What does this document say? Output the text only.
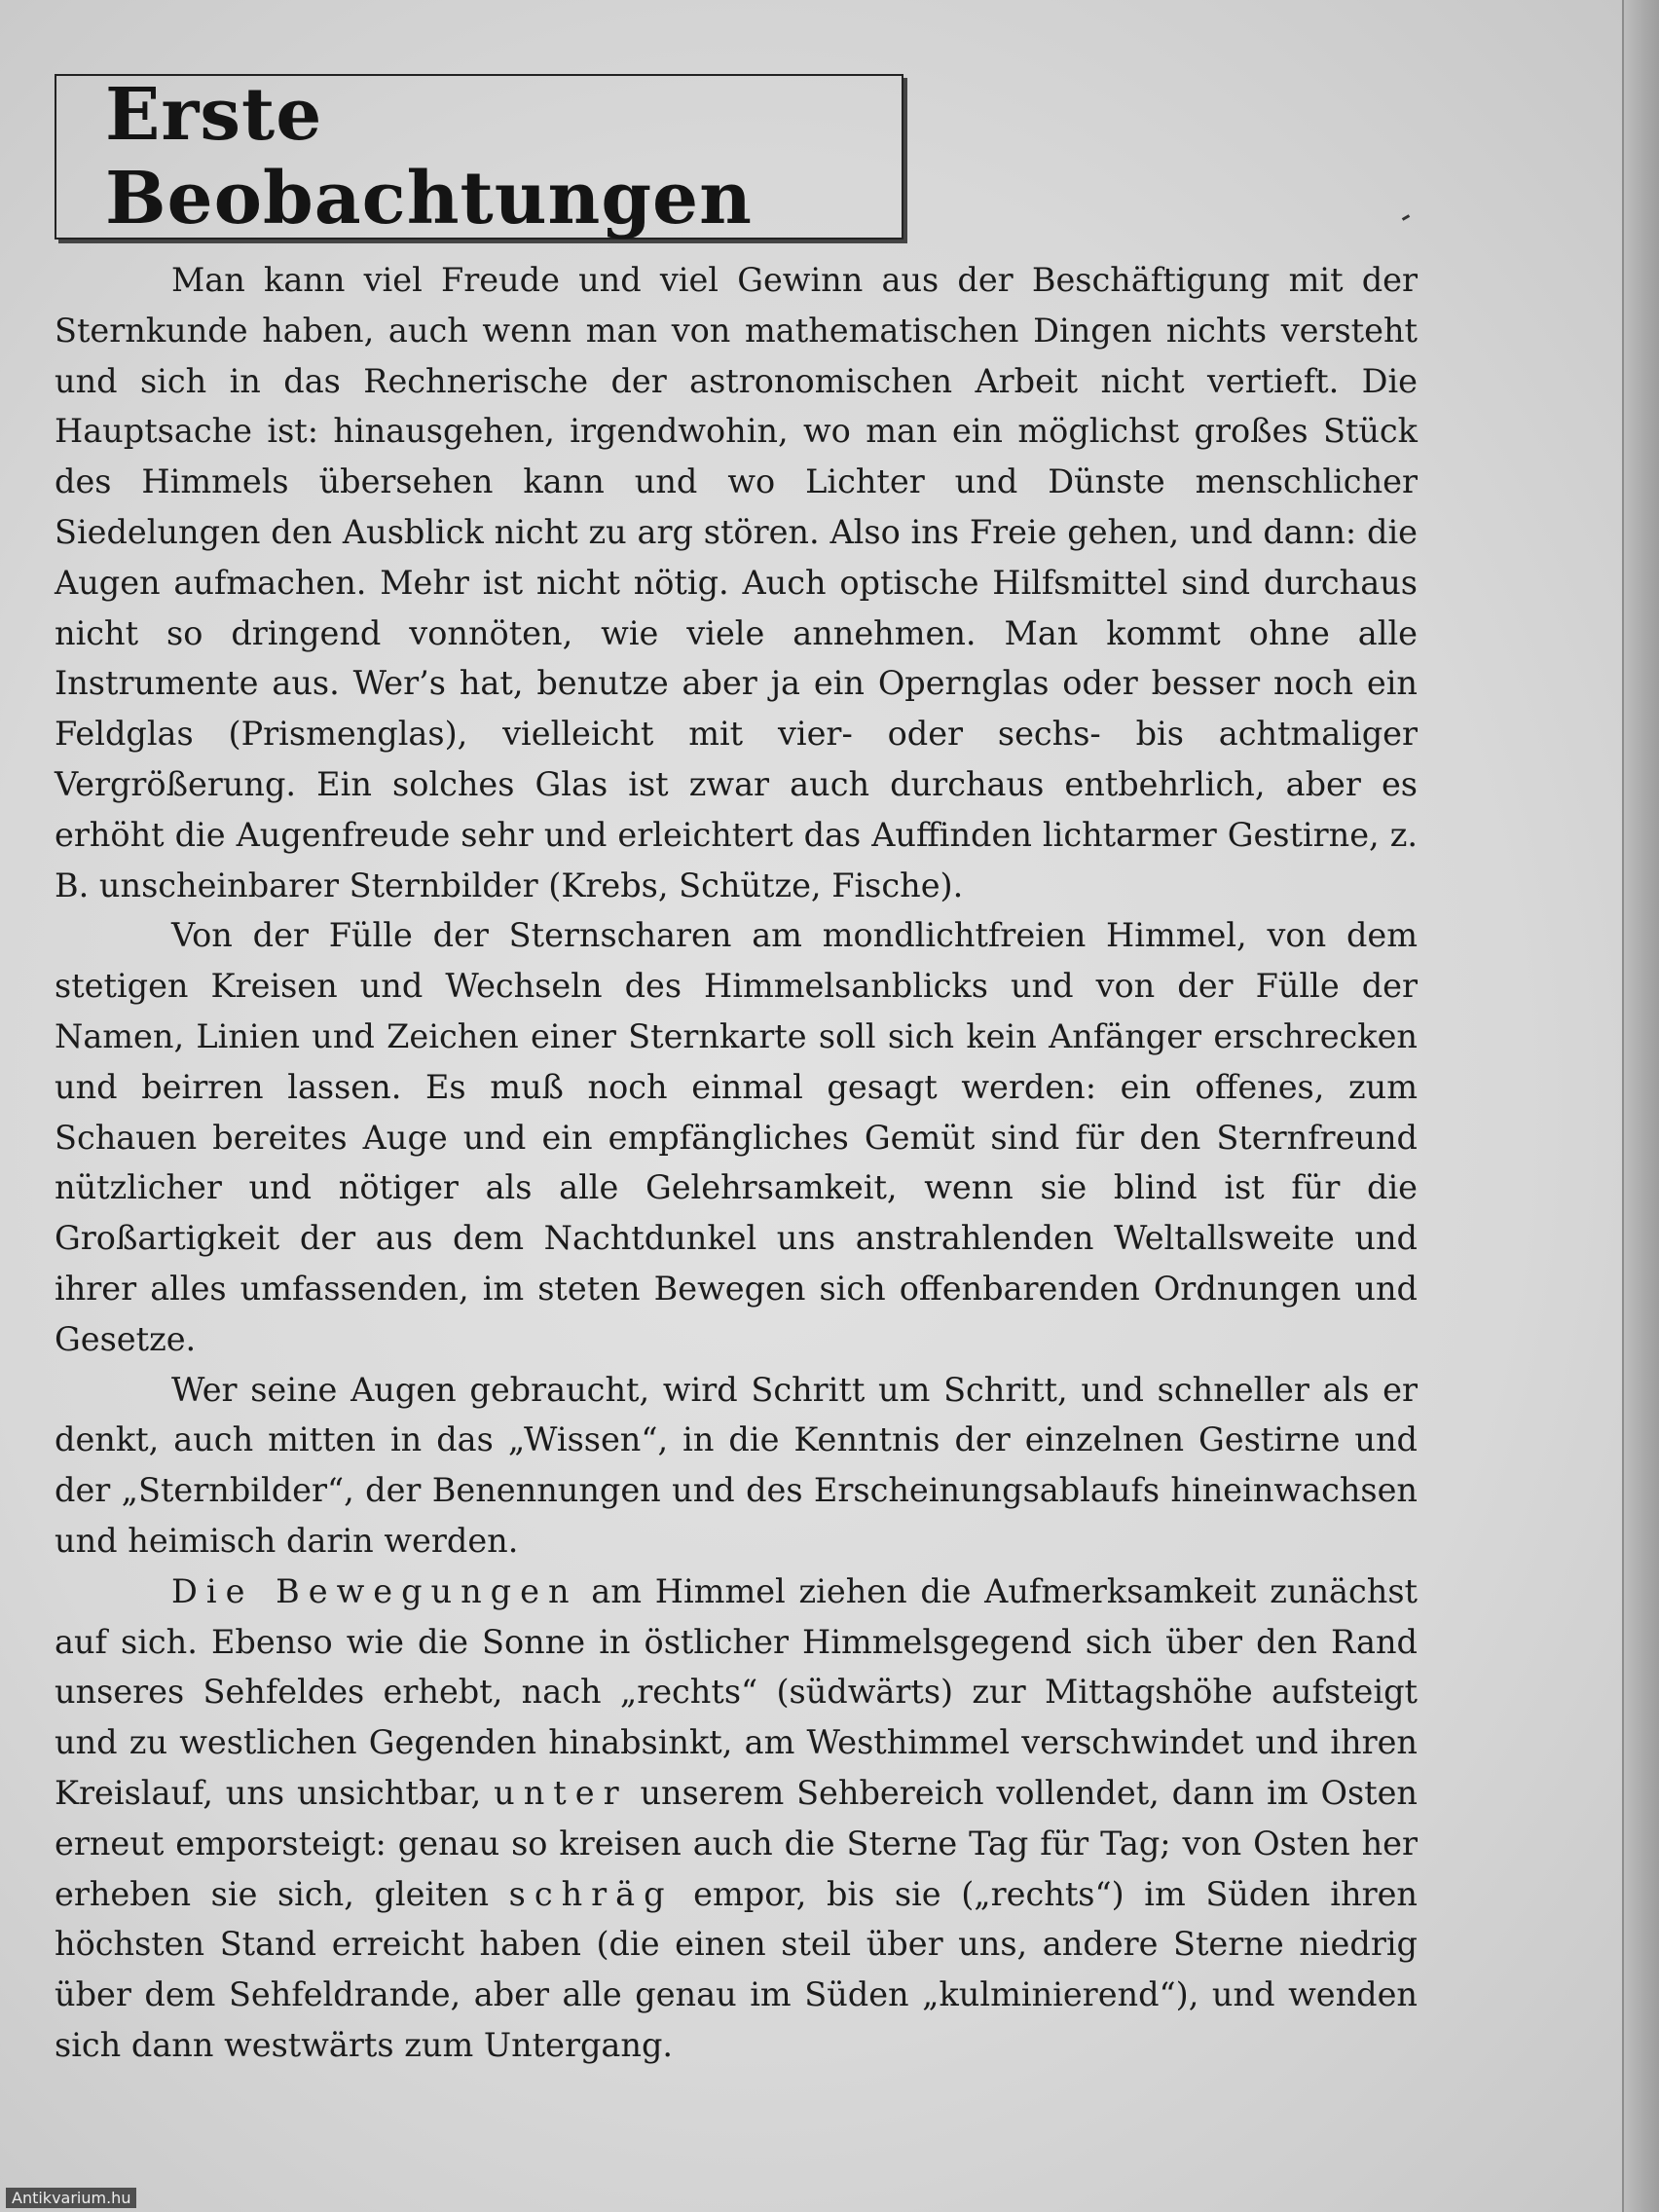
Erste Beobachtungen

Man kann viel Freude und viel Gewinn aus der Beschäftigung mit der Sternkunde haben, auch wenn man von mathematischen Dingen nichts versteht und sich in das Rechnerische der astronomischen Arbeit nicht vertieft. Die Hauptsache ist: hinausgehen, irgendwohin, wo man ein möglichst großes Stück des Himmels übersehen kann und wo Lichter und Dünste menschlicher Siedelungen den Ausblick nicht zu arg stören. Also ins Freie gehen, und dann: die Augen aufmachen. Mehr ist nicht nötig. Auch optische Hilfsmittel sind durchaus nicht so dringend vonnöten, wie viele annehmen. Man kommt ohne alle Instrumente aus. Wer’s hat, benutze aber ja ein Opernglas oder besser noch ein Feldglas (Prismenglas), vielleicht mit vier- oder sechs- bis achtmaliger Vergrößerung. Ein solches Glas ist zwar auch durchaus entbehrlich, aber es erhöht die Augenfreude sehr und erleichtert das Auffinden lichtarmer Gestirne, z. B. unscheinbarer Sternbilder (Krebs, Schütze, Fische).

Von der Fülle der Sternscharen am mondlichtfreien Himmel, von dem stetigen Kreisen und Wechseln des Himmelsanblicks und von der Fülle der Namen, Linien und Zeichen einer Sternkarte soll sich kein Anfänger erschrecken und beirren lassen. Es muß noch einmal gesagt werden: ein offenes, zum Schauen bereites Auge und ein empfängliches Gemüt sind für den Sternfreund nützlicher und nötiger als alle Gelehrsamkeit, wenn sie blind ist für die Großartigkeit der aus dem Nachtdunkel uns anstrahlenden Weltallsweite und ihrer alles umfassenden, im steten Bewegen sich offenbarenden Ordnungen und Gesetze.

Wer seine Augen gebraucht, wird Schritt um Schritt, und schneller als er denkt, auch mitten in das „Wissen“, in die Kenntnis der einzelnen Gestirne und der „Sternbilder“, der Benennungen und des Erscheinungsablaufs hineinwachsen und heimisch darin werden.

Die Bewegungen am Himmel ziehen die Aufmerksamkeit zunächst auf sich. Ebenso wie die Sonne in östlicher Himmelsgegend sich über den Rand unseres Sehfeldes erhebt, nach „rechts“ (südwärts) zur Mittagshöhe aufsteigt und zu westlichen Gegenden hinabsinkt, am Westhimmel verschwindet und ihren Kreislauf, uns unsichtbar, unter unserem Sehbereich vollendet, dann im Osten erneut emporsteigt: genau so kreisen auch die Sterne Tag für Tag; von Osten her erheben sie sich, gleiten schräg empor, bis sie („rechts“) im Süden ihren höchsten Stand erreicht haben (die einen steil über uns, andere Sterne niedrig über dem Sehfeldrande, aber alle genau im Süden „kulminierend“), und wenden sich dann westwärts zum Untergang.

Antikvarium.hu
